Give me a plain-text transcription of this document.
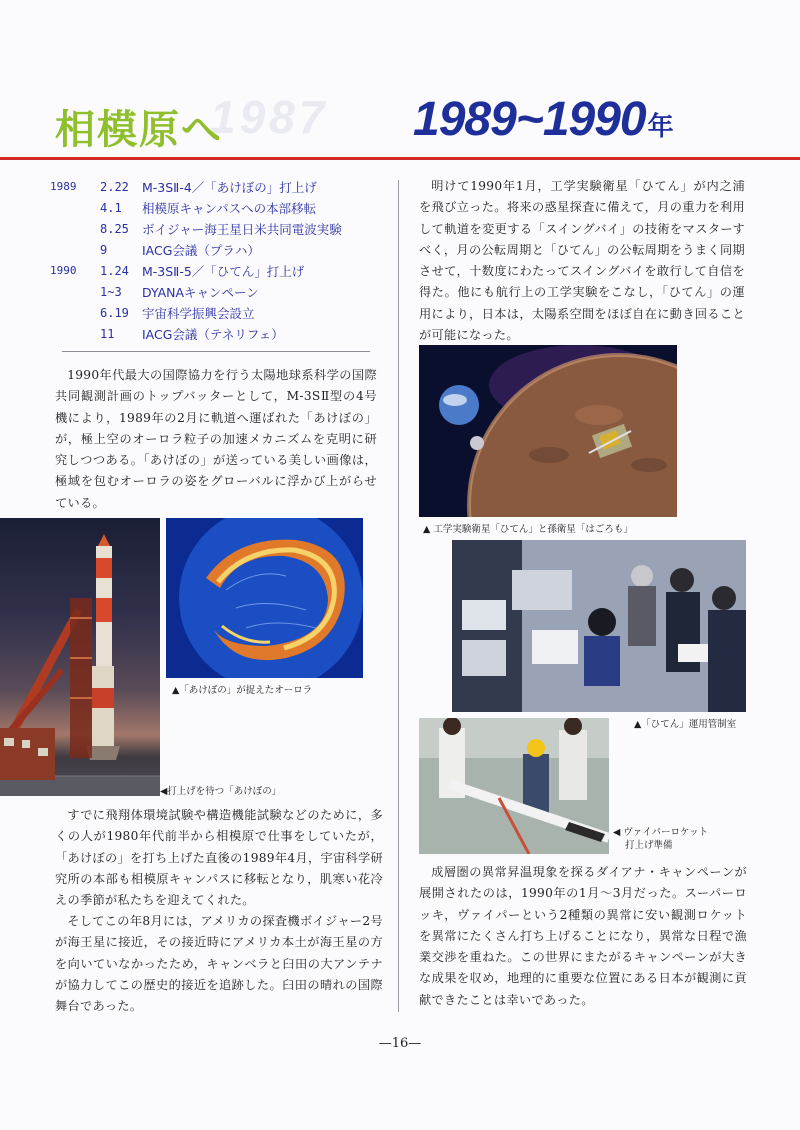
1987
相模原へ	1989~1990年
1989	2.22	M-3SⅡ-4／「あけぼの」打上げ
4.1	相模原キャンパスへの本部移転
8.25	ボイジャー海王星日米共同電波実験
9	IACG会議（プラハ）
1990	1.24	M-3SⅡ-5／「ひてん」打上げ
1~3	DYANAキャンペーン
6.19	宇宙科学振興会設立
11	IACG会議（テネリフェ）

1990年代最大の国際協力を行う太陽地球系科学の国際共同観測計画のトップバッターとして，M-3SⅡ型の4号機により，1989年の2月に軌道へ運ばれた「あけぼの」が，極上空のオーロラ粒子の加速メカニズムを克明に研究しつつある。「あけぼの」が送っている美しい画像は，極域を包むオーロラの姿をグローバルに浮かび上がらせている。

すでに飛翔体環境試験や構造機能試験などのために，多くの人が1980年代前半から相模原で仕事をしていたが，「あけぼの」を打ち上げた直後の1989年4月，宇宙科学研究所の本部も相模原キャンパスに移転となり，肌寒い花冷えの季節が私たちを迎えてくれた。

そしてこの年8月には，アメリカの探査機ボイジャー2号が海王星に接近，その接近時にアメリカ本土が海王星の方を向いていなかったため，キャンベラと臼田の大アンテナが協力してこの歴史的接近を追跡した。臼田の晴れの国際舞台であった。

明けて1990年1月，工学実験衛星「ひてん」が内之浦を飛び立った。将来の惑星探査に備えて，月の重力を利用して軌道を変更する「スイングバイ」の技術をマスターすべく，月の公転周期と「ひてん」の公転周期をうまく同期させて，十数度にわたってスイングバイを敢行して自信を得た。他にも航行上の工学実験をこなし，「ひてん」の運用により，日本は，太陽系空間をほぼ自在に動き回ることが可能になった。

成層圏の異常昇温現象を探るダイアナ・キャンペーンが展開されたのは，1990年の1月～3月だった。スーパーロッキ，ヴァイパーという2種類の異常に安い観測ロケットを異常にたくさん打ち上げることになり，異常な日程で漁業交渉を重ねた。この世界にまたがるキャンペーンが大きな成果を収め，地理的に重要な位置にある日本が観測に貢献できたことは幸いであった。

▲「あけぼの」が捉えたオーロラ
◀打上げを待つ「あけぼの」
▲ 工学実験衛星「ひてん」と孫衛星「はごろも」
▲「ひてん」運用管制室
◀ ヴァイパーロケット
打上げ準備
—16—
